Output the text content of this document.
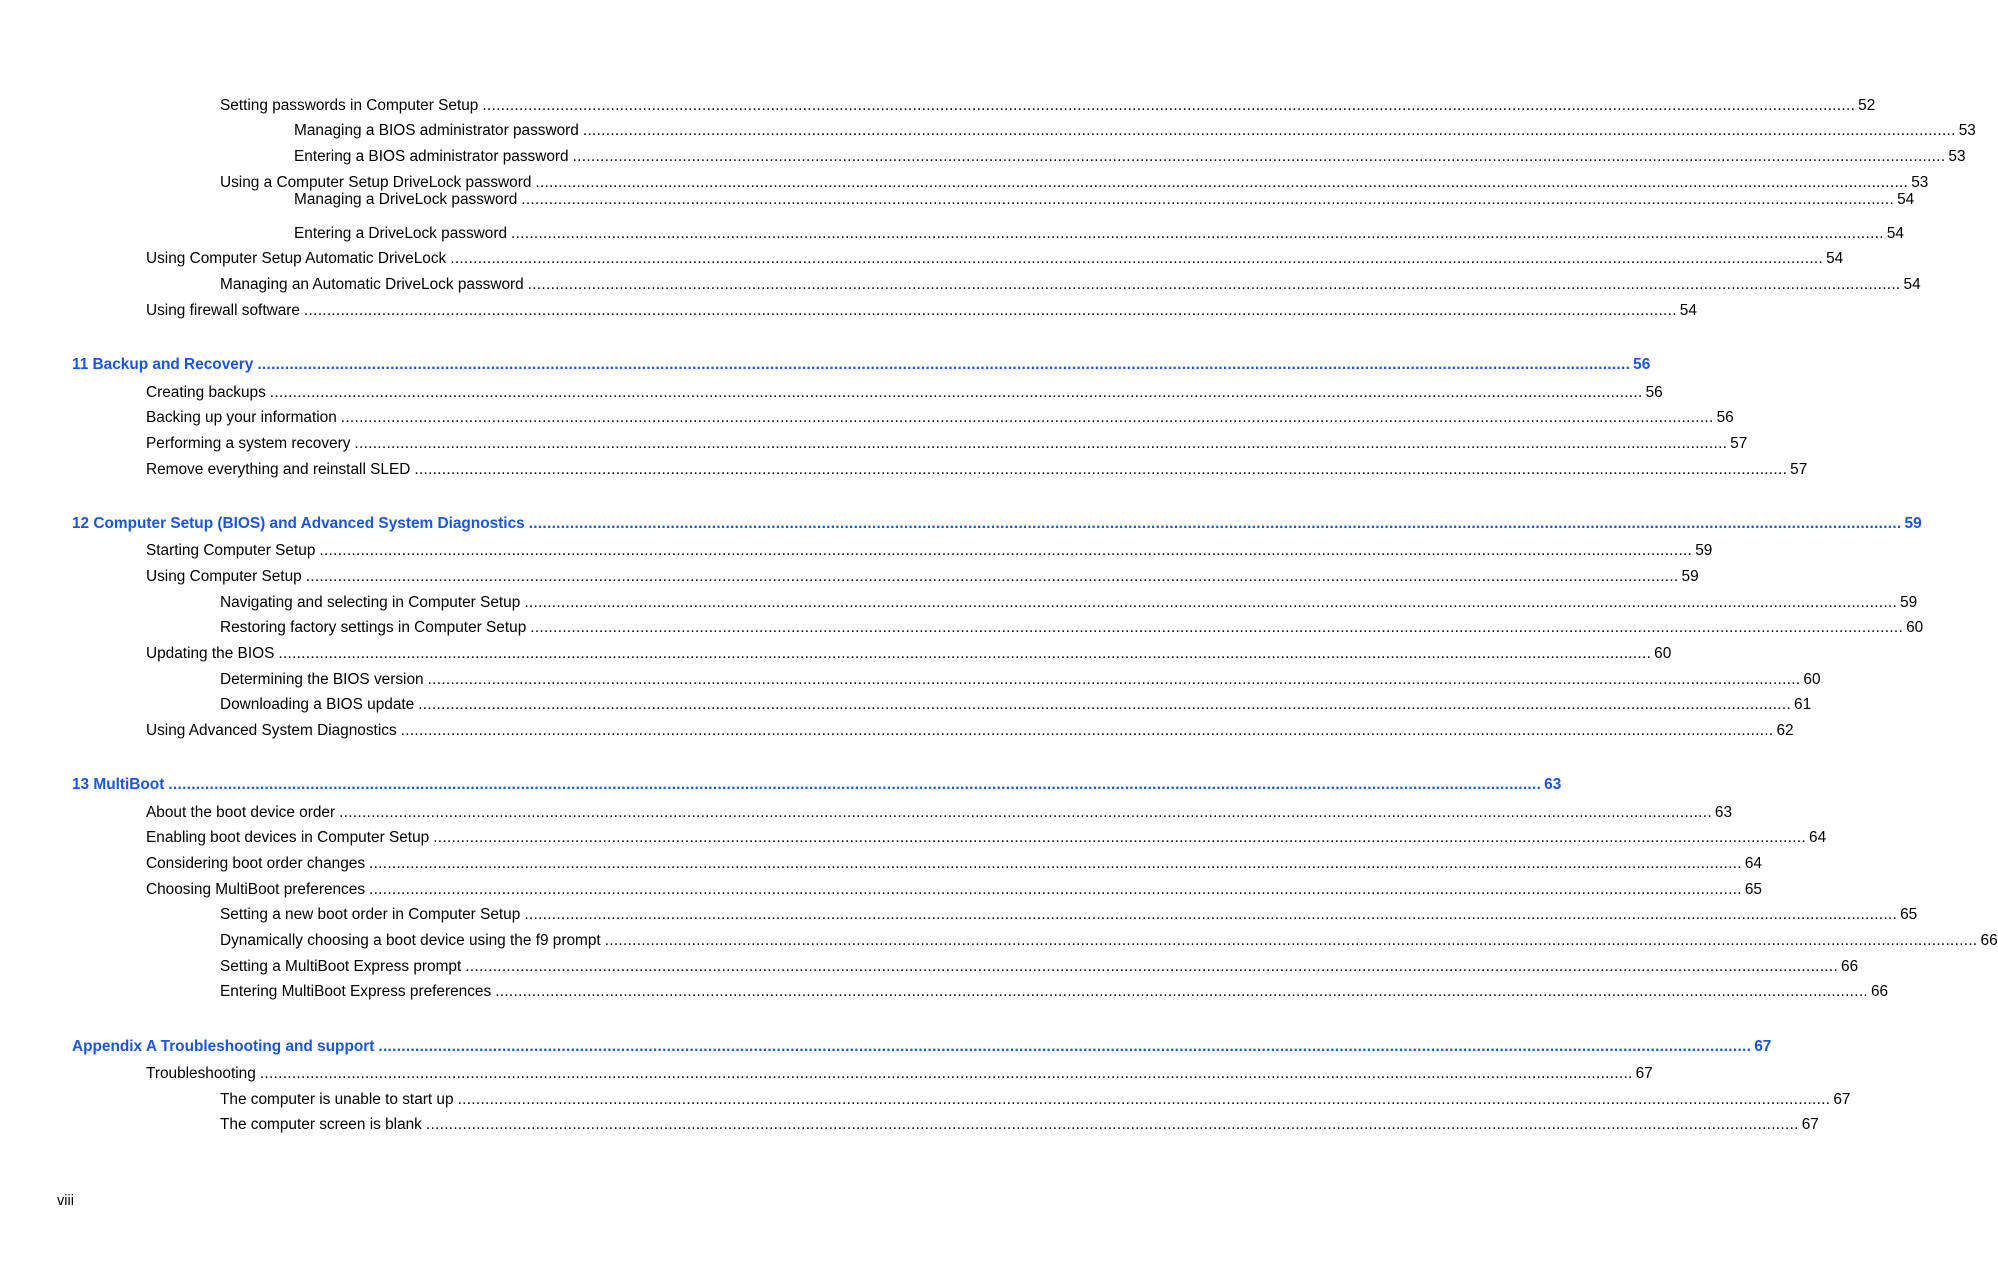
Setting passwords in Computer Setup ............................................................................................................................................................................................................................................................................................................ 52
Managing a BIOS administrator password ............................................................................................................................................................................................................................................................................................................ 53
Entering a BIOS administrator password ............................................................................................................................................................................................................................................................................................................ 53
Using a Computer Setup DriveLock password ............................................................................................................................................................................................................................................................................................................ 53
Managing a DriveLock password ............................................................................................................................................................................................................................................................................................................ 54
Entering a DriveLock password ............................................................................................................................................................................................................................................................................................................ 54
Using Computer Setup Automatic DriveLock ............................................................................................................................................................................................................................................................................................................ 54
Managing an Automatic DriveLock password ............................................................................................................................................................................................................................................................................................................ 54
Using firewall software ............................................................................................................................................................................................................................................................................................................ 54
11 Backup and Recovery ............................................................................................................................................................................................................................................................................................................ 56
Creating backups ............................................................................................................................................................................................................................................................................................................ 56
Backing up your information ............................................................................................................................................................................................................................................................................................................ 56
Performing a system recovery ............................................................................................................................................................................................................................................................................................................ 57
Remove everything and reinstall SLED ............................................................................................................................................................................................................................................................................................................ 57
12 Computer Setup (BIOS) and Advanced System Diagnostics ............................................................................................................................................................................................................................................................................................................ 59
Starting Computer Setup ............................................................................................................................................................................................................................................................................................................ 59
Using Computer Setup ............................................................................................................................................................................................................................................................................................................ 59
Navigating and selecting in Computer Setup ............................................................................................................................................................................................................................................................................................................ 59
Restoring factory settings in Computer Setup ............................................................................................................................................................................................................................................................................................................ 60
Updating the BIOS ............................................................................................................................................................................................................................................................................................................ 60
Determining the BIOS version ............................................................................................................................................................................................................................................................................................................ 60
Downloading a BIOS update ............................................................................................................................................................................................................................................................................................................ 61
Using Advanced System Diagnostics ............................................................................................................................................................................................................................................................................................................ 62
13 MultiBoot ............................................................................................................................................................................................................................................................................................................ 63
About the boot device order ............................................................................................................................................................................................................................................................................................................ 63
Enabling boot devices in Computer Setup ............................................................................................................................................................................................................................................................................................................ 64
Considering boot order changes ............................................................................................................................................................................................................................................................................................................ 64
Choosing MultiBoot preferences ............................................................................................................................................................................................................................................................................................................ 65
Setting a new boot order in Computer Setup ............................................................................................................................................................................................................................................................................................................ 65
Dynamically choosing a boot device using the f9 prompt ............................................................................................................................................................................................................................................................................................................ 66
Setting a MultiBoot Express prompt ............................................................................................................................................................................................................................................................................................................ 66
Entering MultiBoot Express preferences ............................................................................................................................................................................................................................................................................................................ 66
Appendix A Troubleshooting and support ............................................................................................................................................................................................................................................................................................................ 67
Troubleshooting ............................................................................................................................................................................................................................................................................................................ 67
The computer is unable to start up ............................................................................................................................................................................................................................................................................................................ 67
The computer screen is blank ............................................................................................................................................................................................................................................................................................................ 67
viii
